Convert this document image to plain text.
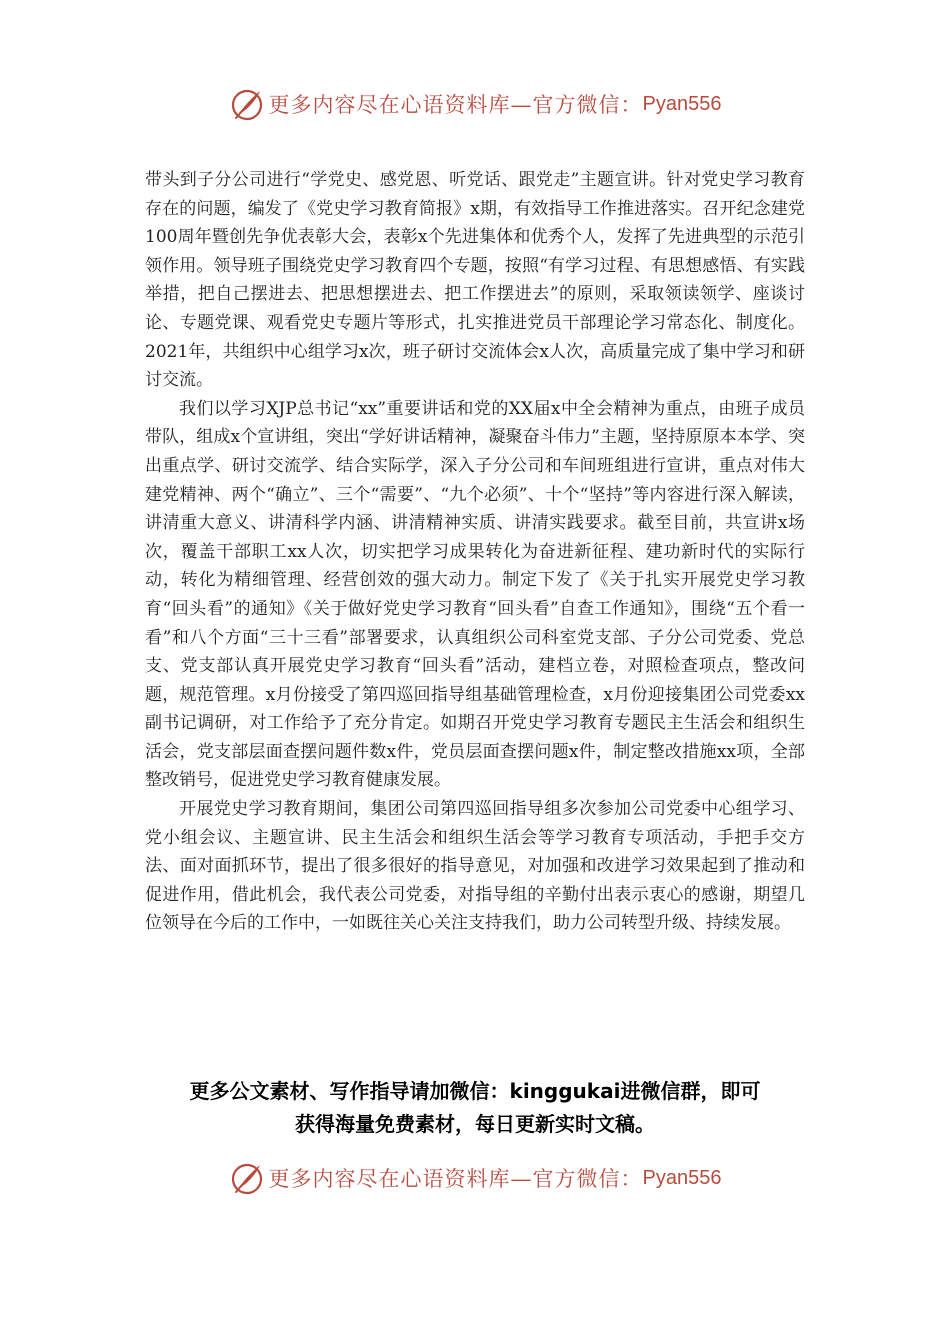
更多内容尽在心语资料库—官方微信： Pyan556

带头到子分公司进行“学党史、感党恩、听党话、跟党走”主题宣讲。针对党史学习教育存在的问题，编发了《党史学习教育简报》x期，有效指导工作推进落实。召开纪念建党100周年暨创先争优表彰大会，表彰x个先进集体和优秀个人，发挥了先进典型的示范引领作用。领导班子围绕党史学习教育四个专题，按照“有学习过程、有思想感悟、有实践举措，把自己摆进去、把思想摆进去、把工作摆进去”的原则，采取领读领学、座谈讨论、专题党课、观看党史专题片等形式，扎实推进党员干部理论学习常态化、制度化。2021年，共组织中心组学习x次，班子研讨交流体会x人次，高质量完成了集中学习和研讨交流。

我们以学习XJP总书记“xx”重要讲话和党的XX届x中全会精神为重点，由班子成员带队，组成x个宣讲组，突出“学好讲话精神，凝聚奋斗伟力”主题，坚持原原本本学、突出重点学、研讨交流学、结合实际学，深入子分公司和车间班组进行宣讲，重点对伟大建党精神、两个“确立”、三个“需要”、“九个必须”、十个“坚持”等内容进行深入解读，讲清重大意义、讲清科学内涵、讲清精神实质、讲清实践要求。截至目前，共宣讲x场次，覆盖干部职工xx人次，切实把学习成果转化为奋进新征程、建功新时代的实际行动，转化为精细管理、经营创效的强大动力。制定下发了《关于扎实开展党史学习教育“回头看”的通知》《关于做好党史学习教育“回头看”自查工作通知》，围绕“五个看一看”和八个方面“三十三看”部署要求，认真组织公司科室党支部、子分公司党委、党总支、党支部认真开展党史学习教育“回头看”活动，建档立卷，对照检查项点，整改问题，规范管理。x月份接受了第四巡回指导组基础管理检查，x月份迎接集团公司党委xx副书记调研，对工作给予了充分肯定。如期召开党史学习教育专题民主生活会和组织生活会，党支部层面查摆问题件数x件，党员层面查摆问题x件，制定整改措施xx项，全部整改销号，促进党史学习教育健康发展。

开展党史学习教育期间，集团公司第四巡回指导组多次参加公司党委中心组学习、党小组会议、主题宣讲、民主生活会和组织生活会等学习教育专项活动，手把手交方法、面对面抓环节，提出了很多很好的指导意见，对加强和改进学习效果起到了推动和促进作用，借此机会，我代表公司党委，对指导组的辛勤付出表示衷心的感谢，期望几位领导在今后的工作中，一如既往关心关注支持我们，助力公司转型升级、持续发展。

更多公文素材、写作指导请加微信：kinggukai进微信群，即可
获得海量免费素材，每日更新实时文稿。
更多内容尽在心语资料库—官方微信： Pyan556
